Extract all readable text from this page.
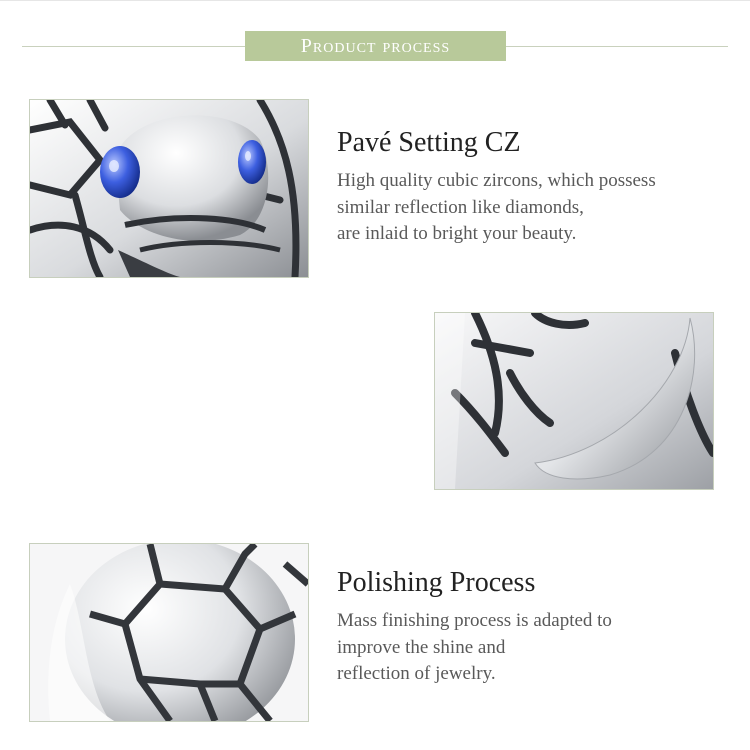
Product process
Pavé Setting CZ
High quality cubic zircons, which possess
similar reflection like diamonds,
are inlaid to bright your beauty.
Polishing Process
Mass finishing process is adapted to
improve the shine and
reflection of jewelry.
